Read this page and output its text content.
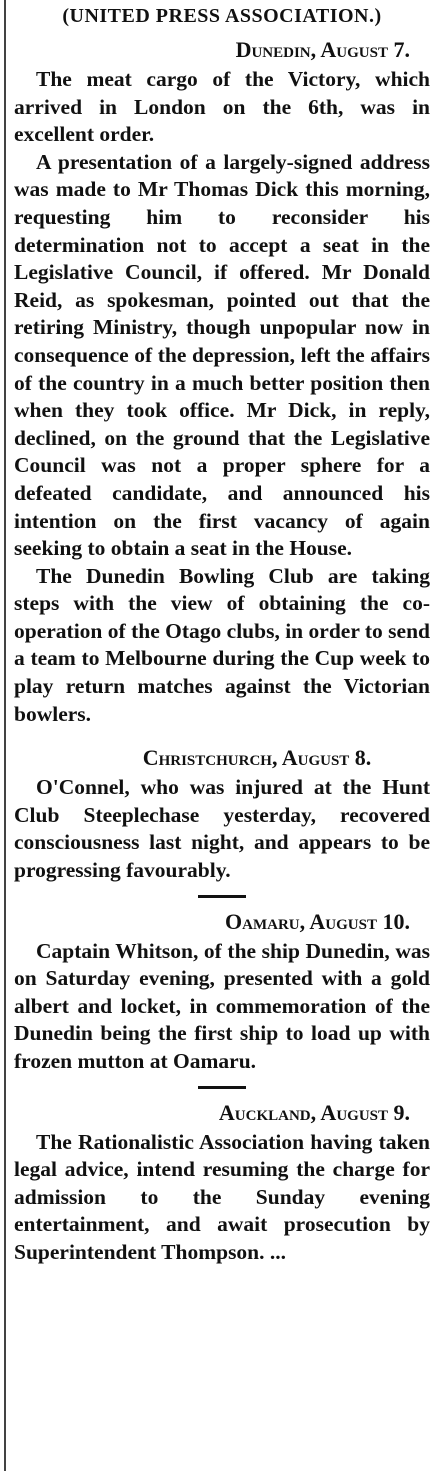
(UNITED PRESS ASSOCIATION.)
Dunedin, August 7.

The meat cargo of the Victory, which arrived in London on the 6th, was in excellent order.

A presentation of a largely-signed address was made to Mr Thomas Dick this morning, requesting him to reconsider his determination not to accept a seat in the Legislative Council, if offered. Mr Donald Reid, as spokesman, pointed out that the retiring Ministry, though unpopular now in consequence of the depression, left the affairs of the country in a much better position then when they took office. Mr Dick, in reply, declined, on the ground that the Legislative Council was not a proper sphere for a defeated candidate, and announced his intention on the first vacancy of again seeking to obtain a seat in the House.

The Dunedin Bowling Club are taking steps with the view of obtaining the co-operation of the Otago clubs, in order to send a team to Melbourne during the Cup week to play return matches against the Victorian bowlers.

Christchurch, August 8.

O'Connel, who was injured at the Hunt Club Steeplechase yesterday, recovered consciousness last night, and appears to be progressing favourably.

Oamaru, August 10.

Captain Whitson, of the ship Dunedin, was on Saturday evening, presented with a gold albert and locket, in commemoration of the Dunedin being the first ship to load up with frozen mutton at Oamaru.

Auckland, August 9.

The Rationalistic Association having taken legal advice, intend resuming the charge for admission to the Sunday evening entertainment, and await prosecution by Superintendent Thompson. ...
